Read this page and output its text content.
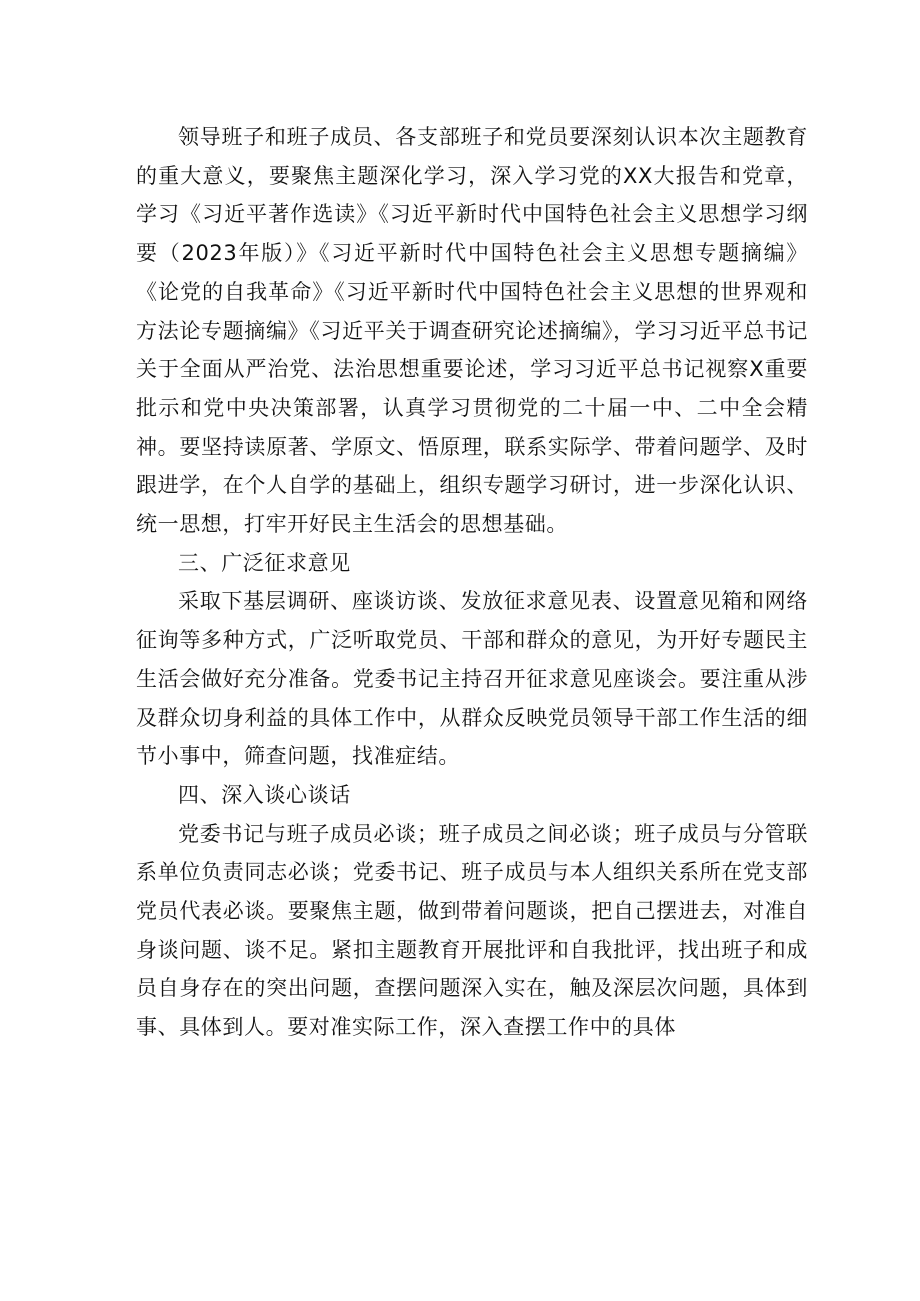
领导班子和班子成员、各支部班子和党员要深刻认识本次主题教育的重大意义，要聚焦主题深化学习，深入学习党的XX大报告和党章，学习《习近平著作选读》《习近平新时代中国特色社会主义思想学习纲要（2023年版）》《习近平新时代中国特色社会主义思想专题摘编》《论党的自我革命》《习近平新时代中国特色社会主义思想的世界观和方法论专题摘编》《习近平关于调查研究论述摘编》，学习习近平总书记关于全面从严治党、法治思想重要论述，学习习近平总书记视察X重要批示和党中央决策部署，认真学习贯彻党的二十届一中、二中全会精神。要坚持读原著、学原文、悟原理，联系实际学、带着问题学、及时跟进学，在个人自学的基础上，组织专题学习研讨，进一步深化认识、统一思想，打牢开好民主生活会的思想基础。

三、广泛征求意见

采取下基层调研、座谈访谈、发放征求意见表、设置意见箱和网络征询等多种方式，广泛听取党员、干部和群众的意见，为开好专题民主生活会做好充分准备。党委书记主持召开征求意见座谈会。要注重从涉及群众切身利益的具体工作中，从群众反映党员领导干部工作生活的细节小事中，筛查问题，找准症结。

四、深入谈心谈话

党委书记与班子成员必谈；班子成员之间必谈；班子成员与分管联系单位负责同志必谈；党委书记、班子成员与本人组织关系所在党支部党员代表必谈。要聚焦主题，做到带着问题谈，把自己摆进去，对准自身谈问题、谈不足。紧扣主题教育开展批评和自我批评，找出班子和成员自身存在的突出问题，查摆问题深入实在，触及深层次问题，具体到事、具体到人。要对准实际工作，深入查摆工作中的具体
